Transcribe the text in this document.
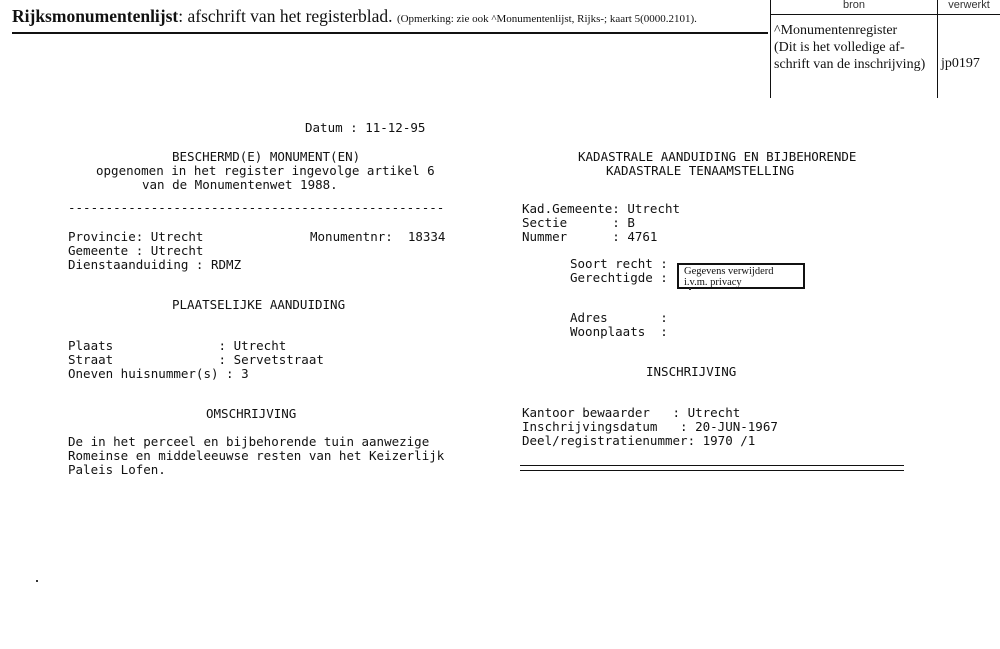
Rijksmonumentenlijst: afschrift van het registerblad. (Opmerking: zie ook ^Monumentenlijst, Rijks-; kaart 5(0000.2101).
bron	verwerkt
^Monumentenregister
(Dit is het volledige af-
schrift van de inschrijving)	jp0197
Datum : 11-12-95
BESCHERMD(E) MONUMENT(EN)
opgenomen in het register ingevolge artikel 6
van de Monumentenwet 1988.
--------------------------------------------------
Provincie: Utrecht	Monumentnr:  18334
Gemeente : Utrecht
Dienstaanduiding : RDMZ
PLAATSELIJKE AANDUIDING
Plaats              : Utrecht
Straat              : Servetstraat
Oneven huisnummer(s) : 3
OMSCHRIJVING
De in het perceel en bijbehorende tuin aanwezige
Romeinse en middeleeuwse resten van het Keizerlijk
Paleis Lofen.
KADASTRALE AANDUIDING EN BIJBEHORENDE
KADASTRALE TENAAMSTELLING
Kad.Gemeente: Utrecht
Sectie      : B
Nummer      : 4761
Soort recht :
Gerechtigde :	Gegevens verwijderd i.v.m. privacy
Adres       :
Woonplaats  :
INSCHRIJVING
Kantoor bewaarder   : Utrecht
Inschrijvingsdatum   : 20-JUN-1967
Deel/registratienummer: 1970 /1
